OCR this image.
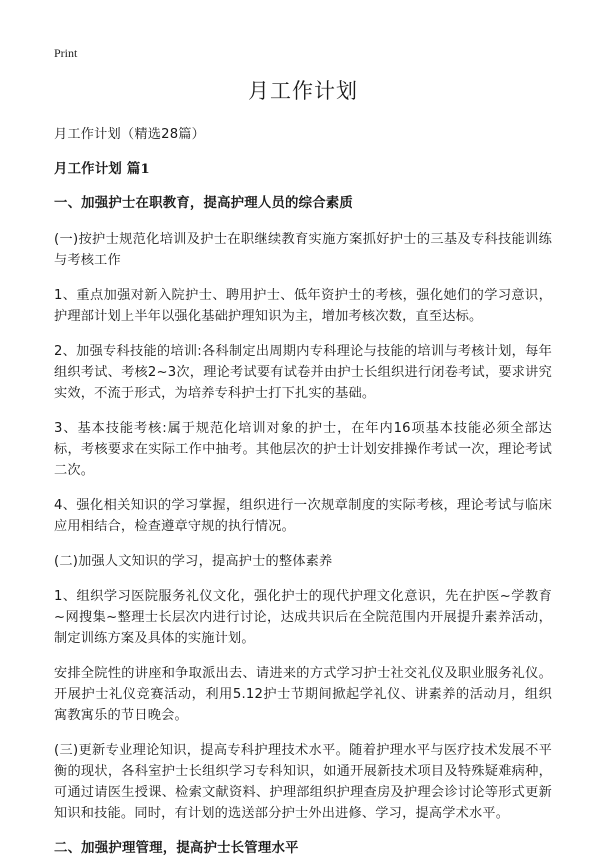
Print
月工作计划

月工作计划（精选28篇）

月工作计划 篇1
一、加强护士在职教育，提高护理人员的综合素质

(一)按护士规范化培训及护士在职继续教育实施方案抓好护士的三基及专科技能训练与考核工作

1、重点加强对新入院护士、聘用护士、低年资护士的考核，强化她们的学习意识，护理部计划上半年以强化基础护理知识为主，增加考核次数，直至达标。

2、加强专科技能的培训:各科制定出周期内专科理论与技能的培训与考核计划，每年组织考试、考核2~3次，理论考试要有试卷并由护士长组织进行闭卷考试，要求讲究实效，不流于形式，为培养专科护士打下扎实的基础。

3、基本技能考核:属于规范化培训对象的护士，在年内16项基本技能必须全部达标，考核要求在实际工作中抽考。其他层次的护士计划安排操作考试一次，理论考试二次。

4、强化相关知识的学习掌握，组织进行一次规章制度的实际考核，理论考试与临床应用相结合，检查遵章守规的执行情况。

(二)加强人文知识的学习，提高护士的整体素养

1、组织学习医院服务礼仪文化，强化护士的现代护理文化意识，先在护医~学教育~网搜集~整理士长层次内进行讨论，达成共识后在全院范围内开展提升素养活动，制定训练方案及具体的实施计划。

安排全院性的讲座和争取派出去、请进来的方式学习护士社交礼仪及职业服务礼仪。开展护士礼仪竞赛活动，利用5.12护士节期间掀起学礼仪、讲素养的活动月，组织寓教寓乐的节日晚会。

(三)更新专业理论知识，提高专科护理技术水平。随着护理水平与医疗技术发展不平衡的现状，各科室护士长组织学习专科知识，如通开展新技术项目及特殊疑难病种，可通过请医生授课、检索文献资料、护理部组织护理查房及护理会诊讨论等形式更新知识和技能。同时，有计划的选送部分护士外出进修、学习，提高学术水平。

二、加强护理管理，提高护士长管理水平
